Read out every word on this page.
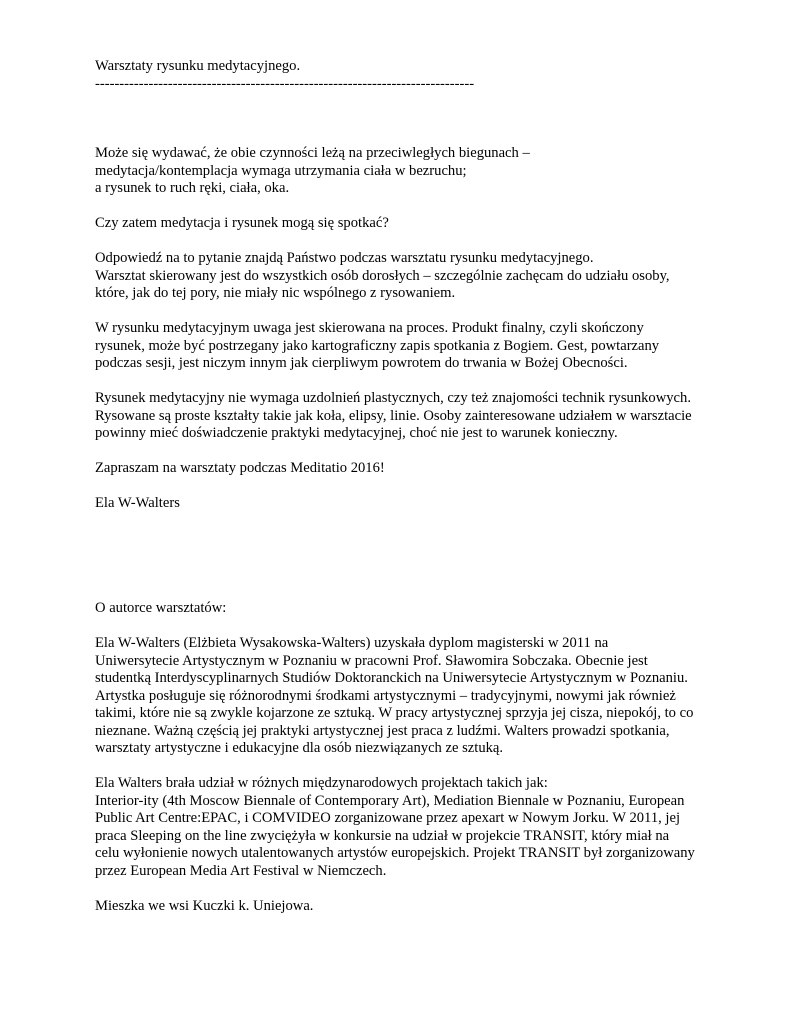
Warsztaty rysunku medytacyjnego.
------------------------------------------------------------------------------
Może się wydawać, że obie czynności leżą na przeciwległych biegunach –
medytacja/kontemplacja wymaga utrzymania ciała w bezruchu;
a rysunek to ruch ręki, ciała, oka.
Czy zatem medytacja i rysunek mogą się spotkać?
Odpowiedź na to pytanie znajdą Państwo podczas warsztatu rysunku medytacyjnego.
Warsztat skierowany jest do wszystkich osób dorosłych – szczególnie zachęcam do udziału osoby,
które, jak do tej pory, nie miały nic wspólnego z rysowaniem.
W rysunku medytacyjnym uwaga jest skierowana na proces. Produkt finalny, czyli skończony
rysunek, może być postrzegany jako kartograficzny zapis spotkania z Bogiem. Gest, powtarzany
podczas sesji, jest niczym innym jak cierpliwym powrotem do trwania w Bożej Obecności.
Rysunek medytacyjny nie wymaga uzdolnień plastycznych, czy też znajomości technik rysunkowych.
Rysowane są proste kształty takie jak koła, elipsy, linie. Osoby zainteresowane udziałem w warsztacie
powinny mieć doświadczenie praktyki medytacyjnej, choć nie jest to warunek konieczny.
Zapraszam na warsztaty podczas Meditatio 2016!
Ela W-Walters
O autorce warsztatów:
Ela W-Walters (Elżbieta Wysakowska-Walters) uzyskała dyplom magisterski w 2011 na
Uniwersytecie Artystycznym w Poznaniu w pracowni Prof. Sławomira Sobczaka. Obecnie jest
studentką Interdyscyplinarnych Studiów Doktoranckich na Uniwersytecie Artystycznym w Poznaniu.
Artystka posługuje się różnorodnymi środkami artystycznymi – tradycyjnymi, nowymi jak również
takimi, które nie są zwykle kojarzone ze sztuką. W pracy artystycznej sprzyja jej cisza, niepokój, to co
nieznane. Ważną częścią jej praktyki artystycznej jest praca z ludźmi. Walters prowadzi spotkania,
warsztaty artystyczne i edukacyjne dla osób niezwiązanych ze sztuką.
Ela Walters brała udział w różnych międzynarodowych projektach takich jak:
Interior-ity (4th Moscow Biennale of Contemporary Art), Mediation Biennale w Poznaniu, European
Public Art Centre:EPAC, i COMVIDEO zorganizowane przez apexart w Nowym Jorku. W 2011, jej
praca Sleeping on the line zwyciężyła w konkursie na udział w projekcie TRANSIT, który miał na
celu wyłonienie nowych utalentowanych artystów europejskich. Projekt TRANSIT był zorganizowany
przez European Media Art Festival w Niemczech.
Mieszka we wsi Kuczki k. Uniejowa.
